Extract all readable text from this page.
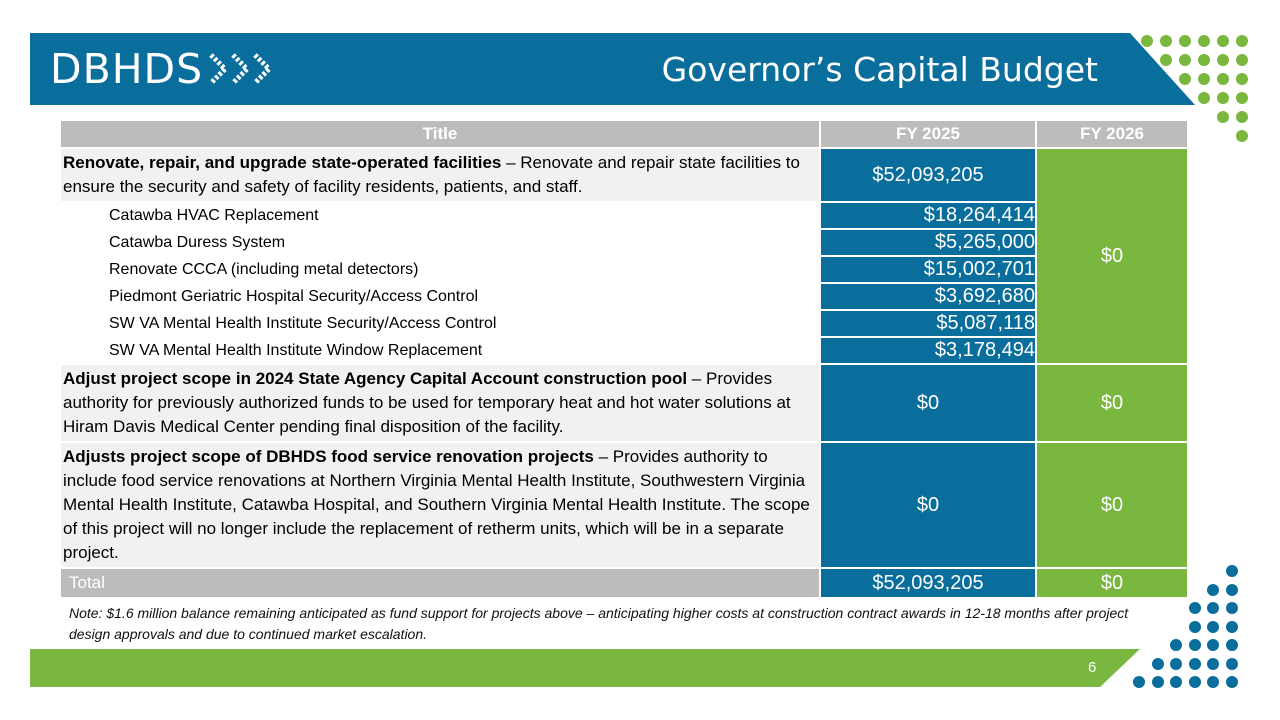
DBHDS	Governor’s Capital Budget
Title	FY 2025	FY 2026
Renovate, repair, and upgrade state-operated facilities – Renovate and repair state facilities to ensure the security and safety of facility residents, patients, and staff.	$52,093,205	$0
Catawba HVAC Replacement	$18,264,414	
Catawba Duress System	$5,265,000	
Renovate CCCA (including metal detectors)	$15,002,701	
Piedmont Geriatric Hospital Security/Access Control	$3,692,680	
SW VA Mental Health Institute Security/Access Control	$5,087,118	
SW VA Mental Health Institute Window Replacement	$3,178,494	
Adjust project scope in 2024 State Agency Capital Account construction pool – Provides authority for previously authorized funds to be used for temporary heat and hot water solutions at Hiram Davis Medical Center pending final disposition of the facility.	$0	$0
Adjusts project scope of DBHDS food service renovation projects – Provides authority to include food service renovations at Northern Virginia Mental Health Institute, Southwestern Virginia Mental Health Institute, Catawba Hospital, and Southern Virginia Mental Health Institute. The scope of this project will no longer include the replacement of retherm units, which will be in a separate project.	$0	$0
Total	$52,093,205	$0
Note: $1.6 million balance remaining anticipated as fund support for projects above – anticipating higher costs at construction contract awards in 12-18 months after project design approvals and due to continued market escalation.
6
